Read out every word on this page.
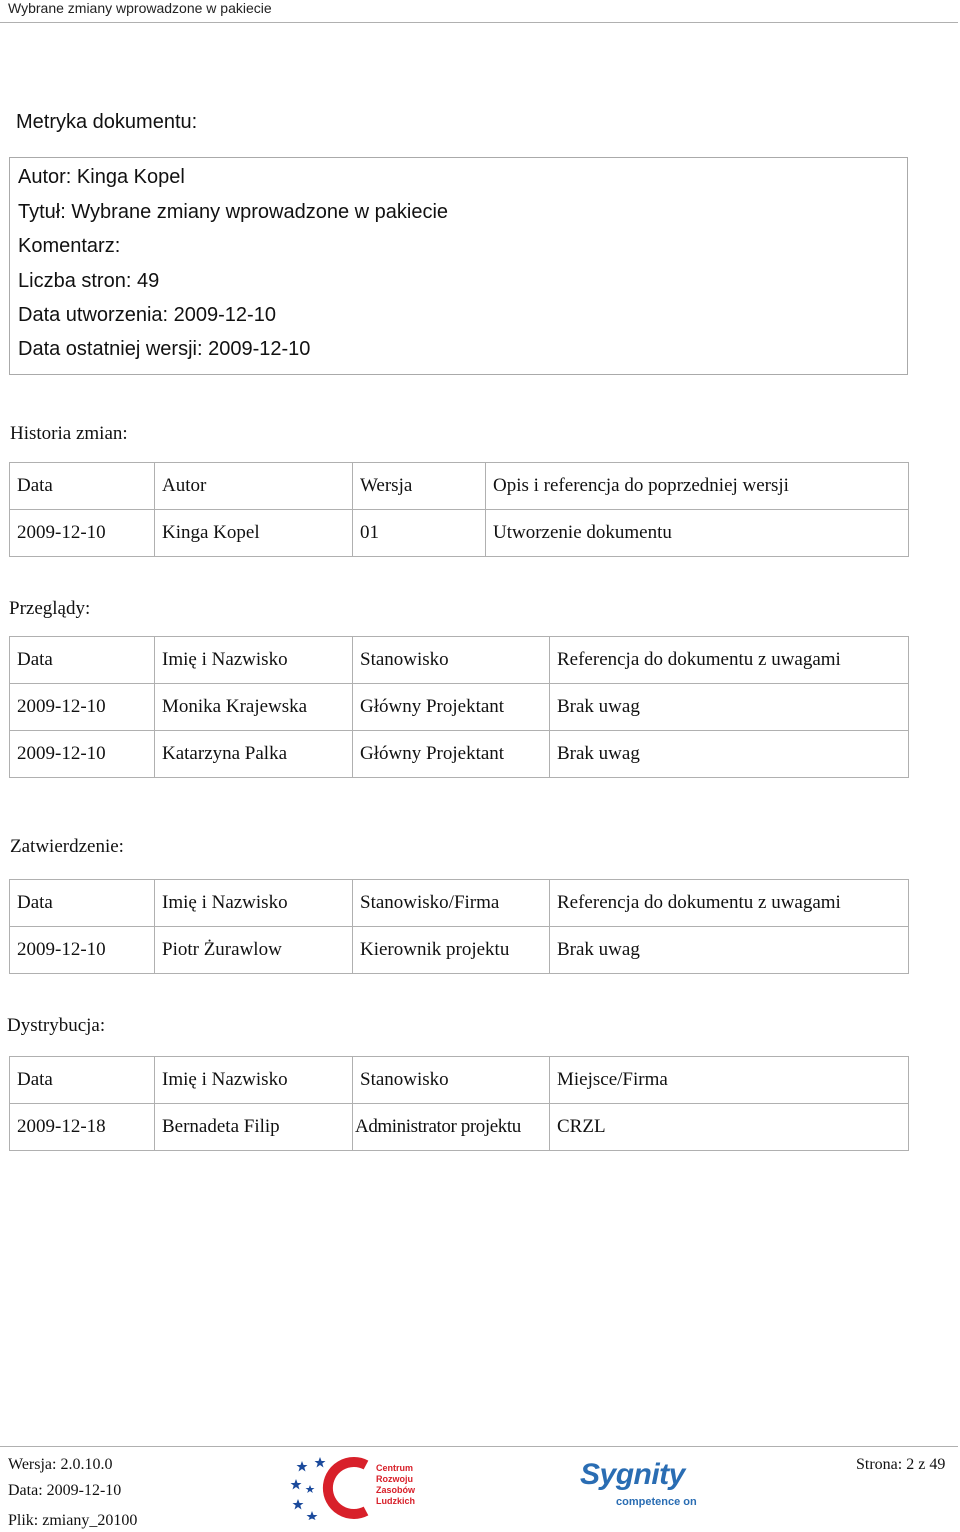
Wybrane zmiany wprowadzone w pakiecie
Metryka dokumentu:
Autor: Kinga Kopel
Tytuł: Wybrane zmiany wprowadzone w pakiecie
Komentarz:
Liczba stron: 49
Data utworzenia: 2009-12-10
Data ostatniej wersji: 2009-12-10
Historia zmian:
Data	Autor	Wersja	Opis i referencja do poprzedniej wersji
2009-12-10	Kinga Kopel	01	Utworzenie dokumentu
Przeglądy:
Data	Imię i Nazwisko	Stanowisko	Referencja do dokumentu z uwagami
2009-12-10	Monika Krajewska	Główny Projektant	Brak uwag
2009-12-10	Katarzyna Palka	Główny Projektant	Brak uwag
Zatwierdzenie:
Data	Imię i Nazwisko	Stanowisko/Firma	Referencja do dokumentu z uwagami
2009-12-10	Piotr Żurawlow	Kierownik projektu	Brak uwag
Dystrybucja:
Data	Imię i Nazwisko	Stanowisko	Miejsce/Firma
2009-12-18	Bernadeta Filip	Administrator projektu	CRZL
Wersja: 2.0.10.0
Data: 2009-12-10
Plik: zmiany_20100
Strona: 2 z 49
Centrum
Rozwoju
Zasobów
Ludzkich
Sygnity
competence on
